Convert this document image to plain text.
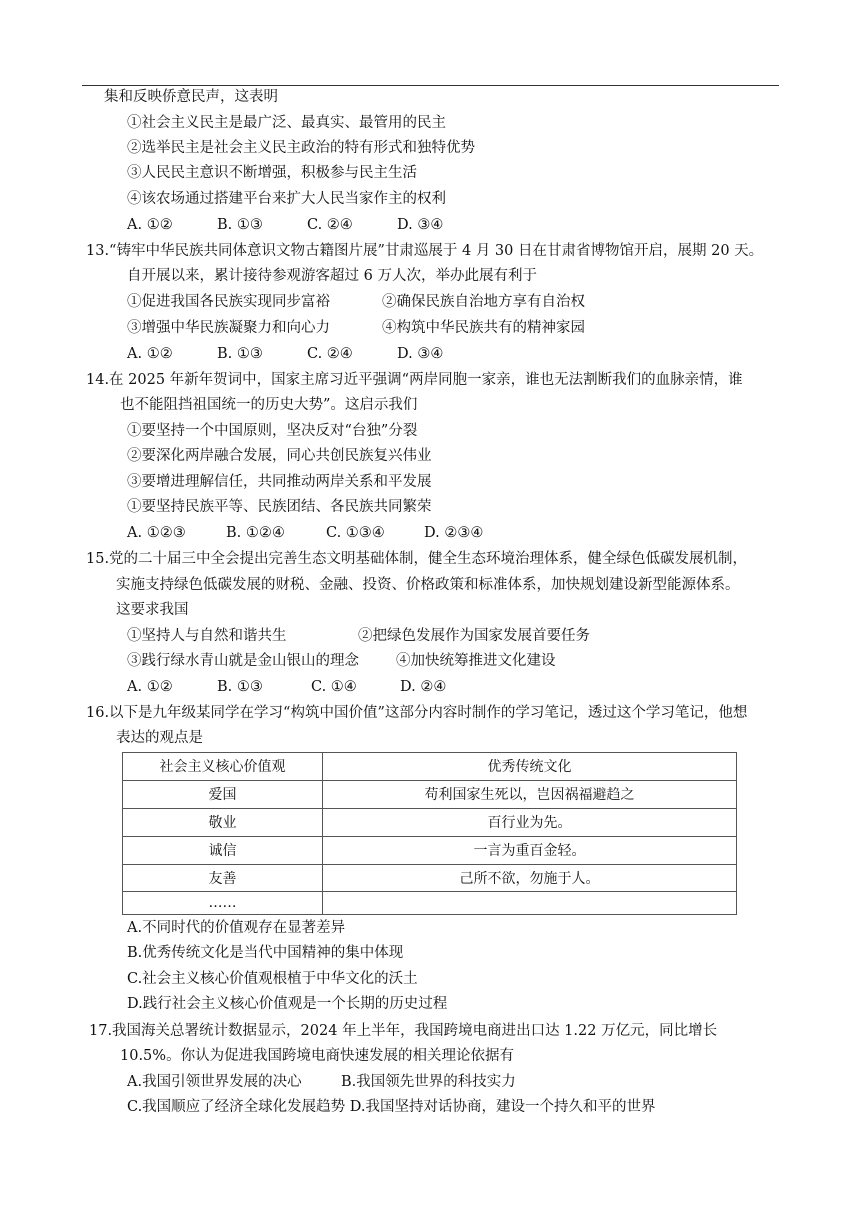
集和反映侨意民声，这表明
①社会主义民主是最广泛、最真实、最管用的民主
②选举民主是社会主义民主政治的特有形式和独特优势
③人民民主意识不断增强，积极参与民主生活
④该农场通过搭建平台来扩大人民当家作主的权利
A. ①②	B. ①③	C. ②④	D. ③④
13.“铸牢中华民族共同体意识文物古籍图片展”甘肃巡展于 4 月 30 日在甘肃省博物馆开启，展期 20 天。
自开展以来，累计接待参观游客超过 6 万人次，举办此展有利于
①促进我国各民族实现同步富裕	②确保民族自治地方享有自治权
③增强中华民族凝聚力和向心力	④构筑中华民族共有的精神家园
A. ①②	B. ①③	C. ②④	D. ③④
14.在 2025 年新年贺词中，国家主席习近平强调“两岸同胞一家亲，谁也无法割断我们的血脉亲情，谁
也不能阻挡祖国统一的历史大势”。这启示我们
①要坚持一个中国原则，坚决反对“台独”分裂
②要深化两岸融合发展，同心共创民族复兴伟业
③要增进理解信任，共同推动两岸关系和平发展
①要坚持民族平等、民族团结、各民族共同繁荣
A. ①②③	B. ①②④	C. ①③④	D. ②③④
15.党的二十届三中全会提出完善生态文明基础体制，健全生态环境治理体系，健全绿色低碳发展机制，
实施支持绿色低碳发展的财税、金融、投资、价格政策和标准体系，加快规划建设新型能源体系。
这要求我国
①坚持人与自然和谐共生	②把绿色发展作为国家发展首要任务
③践行绿水青山就是金山银山的理念	④加快统筹推进文化建设
A. ①②	B. ①③	C. ①④	D. ②④
16.以下是九年级某同学在学习“构筑中国价值”这部分内容时制作的学习笔记，透过这个学习笔记，他想
表达的观点是
社会主义核心价值观	优秀传统文化
爱国	苟利国家生死以，岂因祸福避趋之
敬业	百行业为先。
诚信	一言为重百金轻。
友善	己所不欲，勿施于人。
……	
A.不同时代的价值观存在显著差异
B.优秀传统文化是当代中国精神的集中体现
C.社会主义核心价值观根植于中华文化的沃土
D.践行社会主义核心价值观是一个长期的历史过程
17.我国海关总署统计数据显示，2024 年上半年，我国跨境电商进出口达 1.22 万亿元，同比增长
10.5%。你认为促进我国跨境电商快速发展的相关理论依据有
A.我国引领世界发展的决心	B.我国领先世界的科技实力
C.我国顺应了经济全球化发展趋势 D.我国坚持对话协商，建设一个持久和平的世界
